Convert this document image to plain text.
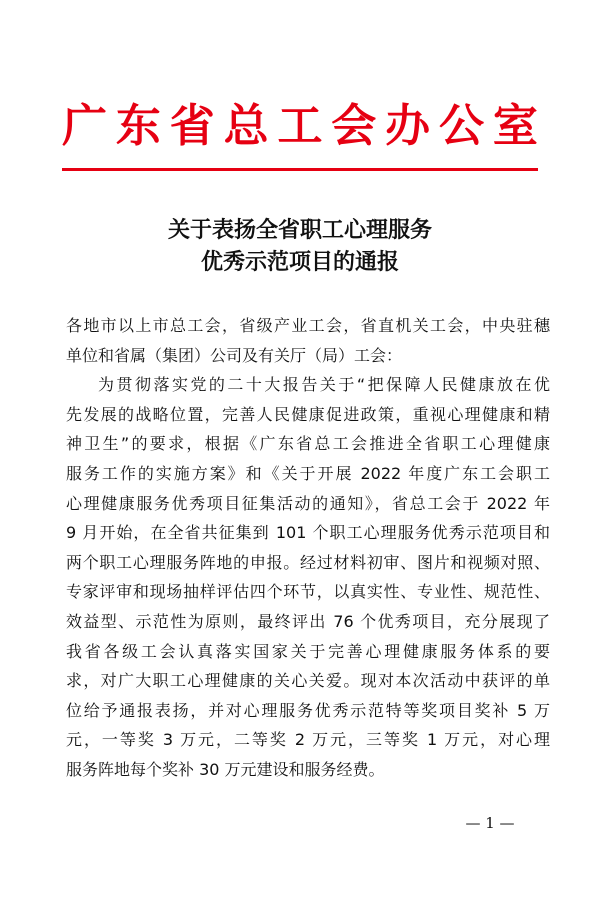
广 东 省 总 工 会 办 公 室
关于表扬全省职工心理服务
优秀示范项目的通报
各地市以上市总工会，省级产业工会，省直机关工会，中央驻穗
单位和省属（集团）公司及有关厅（局）工会：
为贯彻落实党的二十大报告关于“把保障人民健康放在优
先发展的战略位置，完善人民健康促进政策，重视心理健康和精
神卫生”的要求，根据《广东省总工会推进全省职工心理健康
服务工作的实施方案》和《关于开展 2022 年度广东工会职工
心理健康服务优秀项目征集活动的通知》，省总工会于 2022 年
9 月开始，在全省共征集到 101 个职工心理服务优秀示范项目和
两个职工心理服务阵地的申报。经过材料初审、图片和视频对照、
专家评审和现场抽样评估四个环节，以真实性、专业性、规范性、
效益型、示范性为原则，最终评出 76 个优秀项目，充分展现了
我省各级工会认真落实国家关于完善心理健康服务体系的要
求，对广大职工心理健康的关心关爱。现对本次活动中获评的单
位给予通报表扬，并对心理服务优秀示范特等奖项目奖补 5 万
元，一等奖 3 万元，二等奖 2 万元，三等奖 1 万元，对心理
服务阵地每个奖补 30 万元建设和服务经费。
— 1 —
